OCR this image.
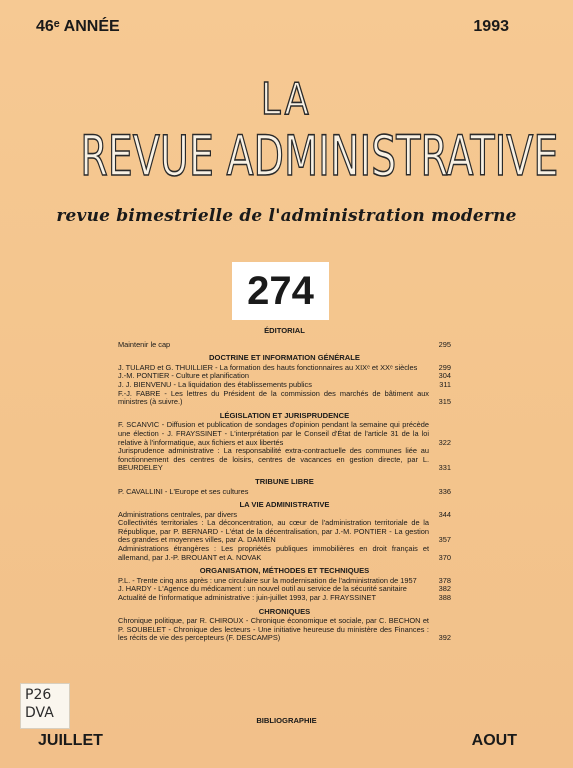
46ᵉ ANNÉE	1993
LA
REVUE ADMINISTRATIVE
revue bimestrielle de l'administration moderne
274
ÉDITORIAL
Maintenir le cap	295
DOCTRINE ET INFORMATION GÉNÉRALE
J. TULARD et G. THUILLIER - La formation des hauts fonctionnaires au XIXᵉ et XXᵉ siècles	299
J.-M. PONTIER - Culture et planification	304
J. J. BIENVENU - La liquidation des établissements publics	311
F.-J. FABRE - Les lettres du Président de la commission des marchés de bâtiment aux ministres (à suivre.)	315
LÉGISLATION ET JURISPRUDENCE
F. SCANVIC - Diffusion et publication de sondages d'opinion pendant la semaine qui précède une élection - J. FRAYSSINET - L'interprétation par le Conseil d'État de l'article 31 de la loi relative à l'informatique, aux fichiers et aux libertés	322
Jurisprudence administrative : La responsabilité extra-contractuelle des communes liée au fonctionnement des centres de loisirs, centres de vacances en gestion directe, par L. BEURDELEY	331
TRIBUNE LIBRE
P. CAVALLINI - L'Europe et ses cultures	336
LA VIE ADMINISTRATIVE
Administrations centrales, par divers	344
Collectivités territoriales : La déconcentration, au cœur de l'administration territoriale de la République, par P. BERNARD - L'état de la décentralisation, par J.-M. PONTIER - La gestion des grandes et moyennes villes, par A. DAMIEN	357
Administrations étrangères : Les propriétés publiques immobilières en droit français et allemand, par J.-P. BROUANT et A. NOVAK	370
ORGANISATION, MÉTHODES ET TECHNIQUES
P.L. - Trente cinq ans après : une circulaire sur la modernisation de l'administration de 1957	378
J. HARDY - L'Agence du médicament : un nouvel outil au service de la sécurité sanitaire	382
Actualité de l'informatique administrative : juin-juillet 1993, par J. FRAYSSINET	388
CHRONIQUES
Chronique politique, par R. CHIROUX - Chronique économique et sociale, par C. BECHON et P. SOUBELET - Chronique des lecteurs - Une initiative heureuse du ministère des Finances : les récits de vie des percepteurs (F. DESCAMPS)	392
BIBLIOGRAPHIE
P26
DVA
JUILLET	AOUT
